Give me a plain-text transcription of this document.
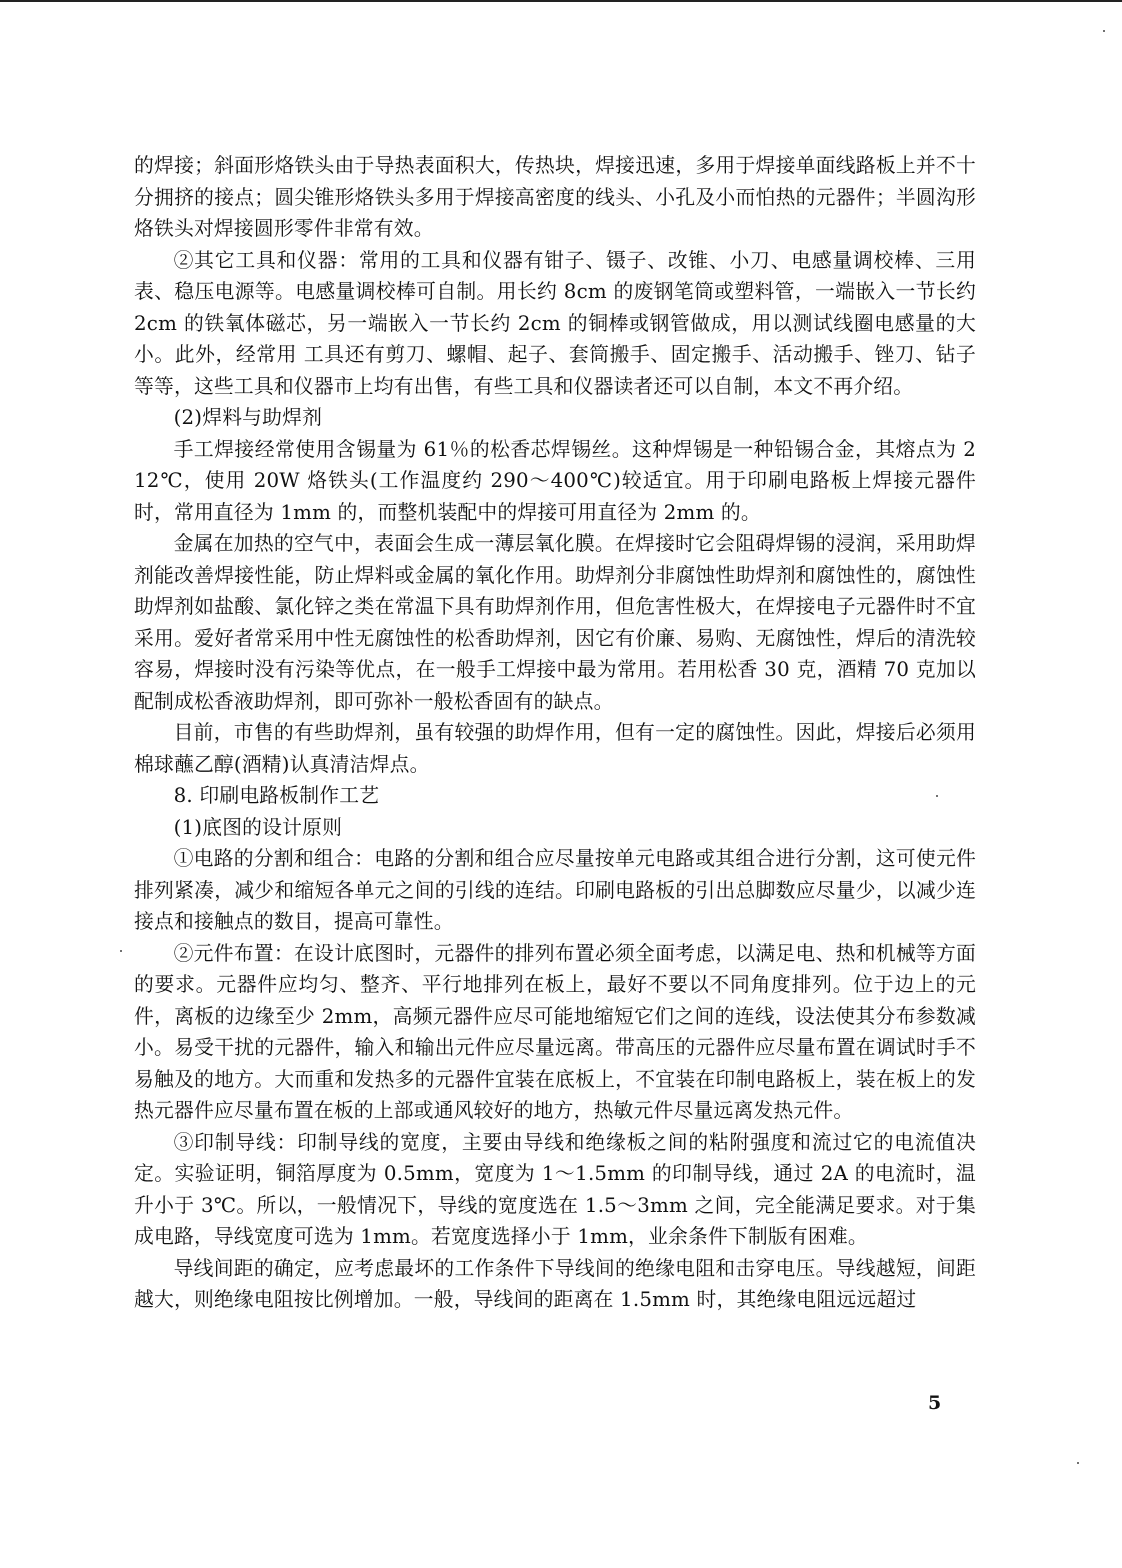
的焊接；斜面形烙铁头由于导热表面积大，传热块，焊接迅速，多用于焊接单面线路板上并不十分拥挤的接点；圆尖锥形烙铁头多用于焊接高密度的线头、小孔及小而怕热的元器件；半圆沟形烙铁头对焊接圆形零件非常有效。

②其它工具和仪器：常用的工具和仪器有钳子、镊子、改锥、小刀、电感量调校棒、三用表、稳压电源等。电感量调校棒可自制。用长约 8cm 的废钢笔筒或塑料管，一端嵌入一节长约 2cm 的铁氧体磁芯，另一端嵌入一节长约 2cm 的铜棒或钢管做成，用以测试线圈电感量的大小。此外，经常用 工具还有剪刀、螺帽、起子、套筒搬手、固定搬手、活动搬手、锉刀、钻子等等，这些工具和仪器市上均有出售，有些工具和仪器读者还可以自制，本文不再介绍。

(2)焊料与助焊剂

手工焊接经常使用含锡量为 61％的松香芯焊锡丝。这种焊锡是一种铅锡合金，其熔点为 212℃，使用 20W 烙铁头(工作温度约 290～400℃)较适宜。用于印刷电路板上焊接元器件时，常用直径为 1mm 的，而整机装配中的焊接可用直径为 2mm 的。

金属在加热的空气中，表面会生成一薄层氧化膜。在焊接时它会阻碍焊锡的浸润，采用助焊剂能改善焊接性能，防止焊料或金属的氧化作用。助焊剂分非腐蚀性助焊剂和腐蚀性的，腐蚀性助焊剂如盐酸、氯化锌之类在常温下具有助焊剂作用，但危害性极大，在焊接电子元器件时不宜采用。爱好者常采用中性无腐蚀性的松香助焊剂，因它有价廉、易购、无腐蚀性，焊后的清洗较容易，焊接时没有污染等优点，在一般手工焊接中最为常用。若用松香 30 克，酒精 70 克加以配制成松香液助焊剂，即可弥补一般松香固有的缺点。

目前，市售的有些助焊剂，虽有较强的助焊作用，但有一定的腐蚀性。因此，焊接后必须用棉球蘸乙醇(酒精)认真清洁焊点。

8. 印刷电路板制作工艺

(1)底图的设计原则

①电路的分割和组合：电路的分割和组合应尽量按单元电路或其组合进行分割，这可使元件排列紧凑，减少和缩短各单元之间的引线的连结。印刷电路板的引出总脚数应尽量少，以减少连接点和接触点的数目，提高可靠性。

②元件布置：在设计底图时，元器件的排列布置必须全面考虑，以满足电、热和机械等方面的要求。元器件应均匀、整齐、平行地排列在板上，最好不要以不同角度排列。位于边上的元件，离板的边缘至少 2mm，高频元器件应尽可能地缩短它们之间的连线，设法使其分布参数减小。易受干扰的元器件，输入和输出元件应尽量远离。带高压的元器件应尽量布置在调试时手不易触及的地方。大而重和发热多的元器件宜装在底板上，不宜装在印制电路板上，装在板上的发热元器件应尽量布置在板的上部或通风较好的地方，热敏元件尽量远离发热元件。

③印制导线：印制导线的宽度，主要由导线和绝缘板之间的粘附强度和流过它的电流值决定。实验证明，铜箔厚度为 0.5mm，宽度为 1～1.5mm 的印制导线，通过 2A 的电流时，温升小于 3℃。所以，一般情况下，导线的宽度选在 1.5～3mm 之间，完全能满足要求。对于集成电路，导线宽度可选为 1mm。若宽度选择小于 1mm，业余条件下制版有困难。

导线间距的确定，应考虑最坏的工作条件下导线间的绝缘电阻和击穿电压。导线越短，间距越大，则绝缘电阻按比例增加。一般，导线间的距离在 1.5mm 时，其绝缘电阻远远超过

5
